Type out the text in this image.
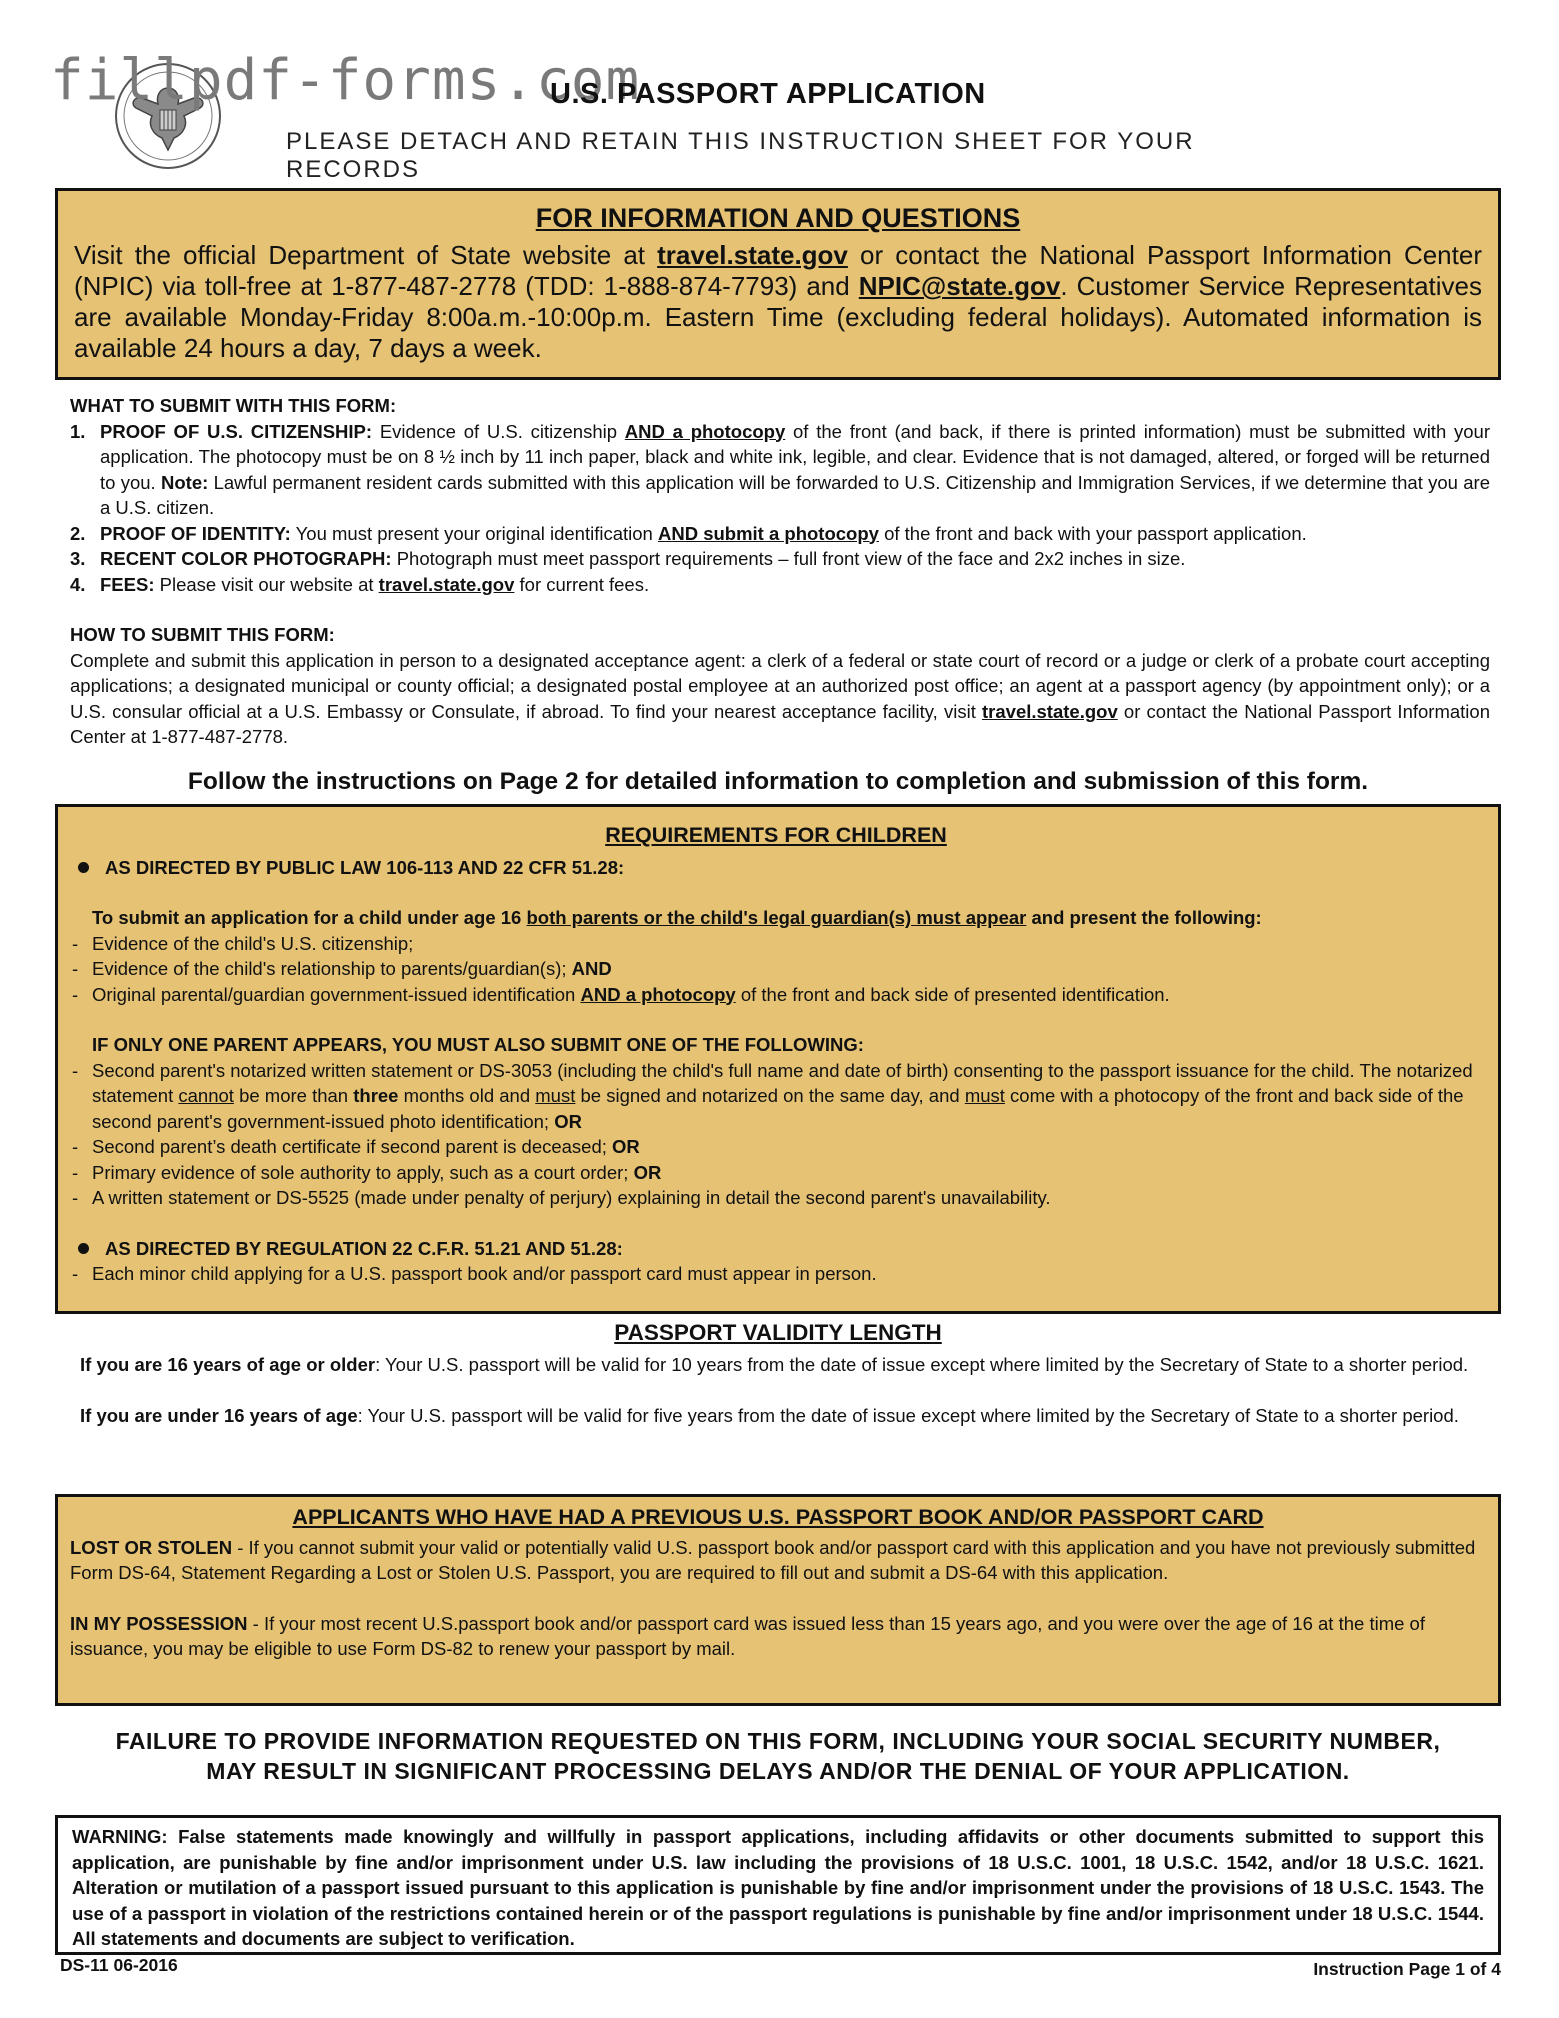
fillpdf-forms.com
U.S. PASSPORT APPLICATION
PLEASE DETACH AND RETAIN THIS INSTRUCTION SHEET FOR YOUR RECORDS
FOR INFORMATION AND QUESTIONS
Visit the official Department of State website at travel.state.gov or contact the National Passport Information Center (NPIC) via toll-free at 1-877-487-2778 (TDD: 1-888-874-7793) and NPIC@state.gov. Customer Service Representatives are available Monday-Friday 8:00a.m.-10:00p.m. Eastern Time (excluding federal holidays). Automated information is available 24 hours a day, 7 days a week.
WHAT TO SUBMIT WITH THIS FORM:
1. PROOF OF U.S. CITIZENSHIP: Evidence of U.S. citizenship AND a photocopy of the front (and back, if there is printed information) must be submitted with your application. The photocopy must be on 8 ½ inch by 11 inch paper, black and white ink, legible, and clear. Evidence that is not damaged, altered, or forged will be returned to you. Note: Lawful permanent resident cards submitted with this application will be forwarded to U.S. Citizenship and Immigration Services, if we determine that you are a U.S. citizen.
2. PROOF OF IDENTITY: You must present your original identification AND submit a photocopy of the front and back with your passport application.
3. RECENT COLOR PHOTOGRAPH: Photograph must meet passport requirements – full front view of the face and 2x2 inches in size.
4. FEES: Please visit our website at travel.state.gov for current fees.
HOW TO SUBMIT THIS FORM:
Complete and submit this application in person to a designated acceptance agent: a clerk of a federal or state court of record or a judge or clerk of a probate court accepting applications; a designated municipal or county official; a designated postal employee at an authorized post office; an agent at a passport agency (by appointment only); or a U.S. consular official at a U.S. Embassy or Consulate, if abroad. To find your nearest acceptance facility, visit travel.state.gov or contact the National Passport Information Center at 1-877-487-2778.
Follow the instructions on Page 2 for detailed information to completion and submission of this form.
REQUIREMENTS FOR CHILDREN
AS DIRECTED BY PUBLIC LAW 106-113 AND 22 CFR 51.28:
To submit an application for a child under age 16 both parents or the child's legal guardian(s) must appear and present the following:
- Evidence of the child's U.S. citizenship;
- Evidence of the child's relationship to parents/guardian(s); AND
- Original parental/guardian government-issued identification AND a photocopy of the front and back side of presented identification.
IF ONLY ONE PARENT APPEARS, YOU MUST ALSO SUBMIT ONE OF THE FOLLOWING:
- Second parent's notarized written statement or DS-3053 (including the child's full name and date of birth) consenting to the passport issuance for the child. The notarized statement cannot be more than three months old and must be signed and notarized on the same day, and must come with a photocopy of the front and back side of the second parent's government-issued photo identification; OR
- Second parent’s death certificate if second parent is deceased; OR
- Primary evidence of sole authority to apply, such as a court order; OR
- A written statement or DS-5525 (made under penalty of perjury) explaining in detail the second parent's unavailability.
AS DIRECTED BY REGULATION 22 C.F.R. 51.21 AND 51.28:
- Each minor child applying for a U.S. passport book and/or passport card must appear in person.
PASSPORT VALIDITY LENGTH
If you are 16 years of age or older: Your U.S. passport will be valid for 10 years from the date of issue except where limited by the Secretary of State to a shorter period.
If you are under 16 years of age: Your U.S. passport will be valid for five years from the date of issue except where limited by the Secretary of State to a shorter period.
APPLICANTS WHO HAVE HAD A PREVIOUS U.S. PASSPORT BOOK AND/OR PASSPORT CARD
LOST OR STOLEN - If you cannot submit your valid or potentially valid U.S. passport book and/or passport card with this application and you have not previously submitted Form DS-64, Statement Regarding a Lost or Stolen U.S. Passport, you are required to fill out and submit a DS-64 with this application.
IN MY POSSESSION - If your most recent U.S.passport book and/or passport card was issued less than 15 years ago, and you were over the age of 16 at the time of issuance, you may be eligible to use Form DS-82 to renew your passport by mail.
FAILURE TO PROVIDE INFORMATION REQUESTED ON THIS FORM, INCLUDING YOUR SOCIAL SECURITY NUMBER,
MAY RESULT IN SIGNIFICANT PROCESSING DELAYS AND/OR THE DENIAL OF YOUR APPLICATION.
WARNING: False statements made knowingly and willfully in passport applications, including affidavits or other documents submitted to support this application, are punishable by fine and/or imprisonment under U.S. law including the provisions of 18 U.S.C. 1001, 18 U.S.C. 1542, and/or 18 U.S.C. 1621. Alteration or mutilation of a passport issued pursuant to this application is punishable by fine and/or imprisonment under the provisions of 18 U.S.C. 1543. The use of a passport in violation of the restrictions contained herein or of the passport regulations is punishable by fine and/or imprisonment under 18 U.S.C. 1544. All statements and documents are subject to verification.
DS-11 06-2016	Instruction Page 1 of 4
